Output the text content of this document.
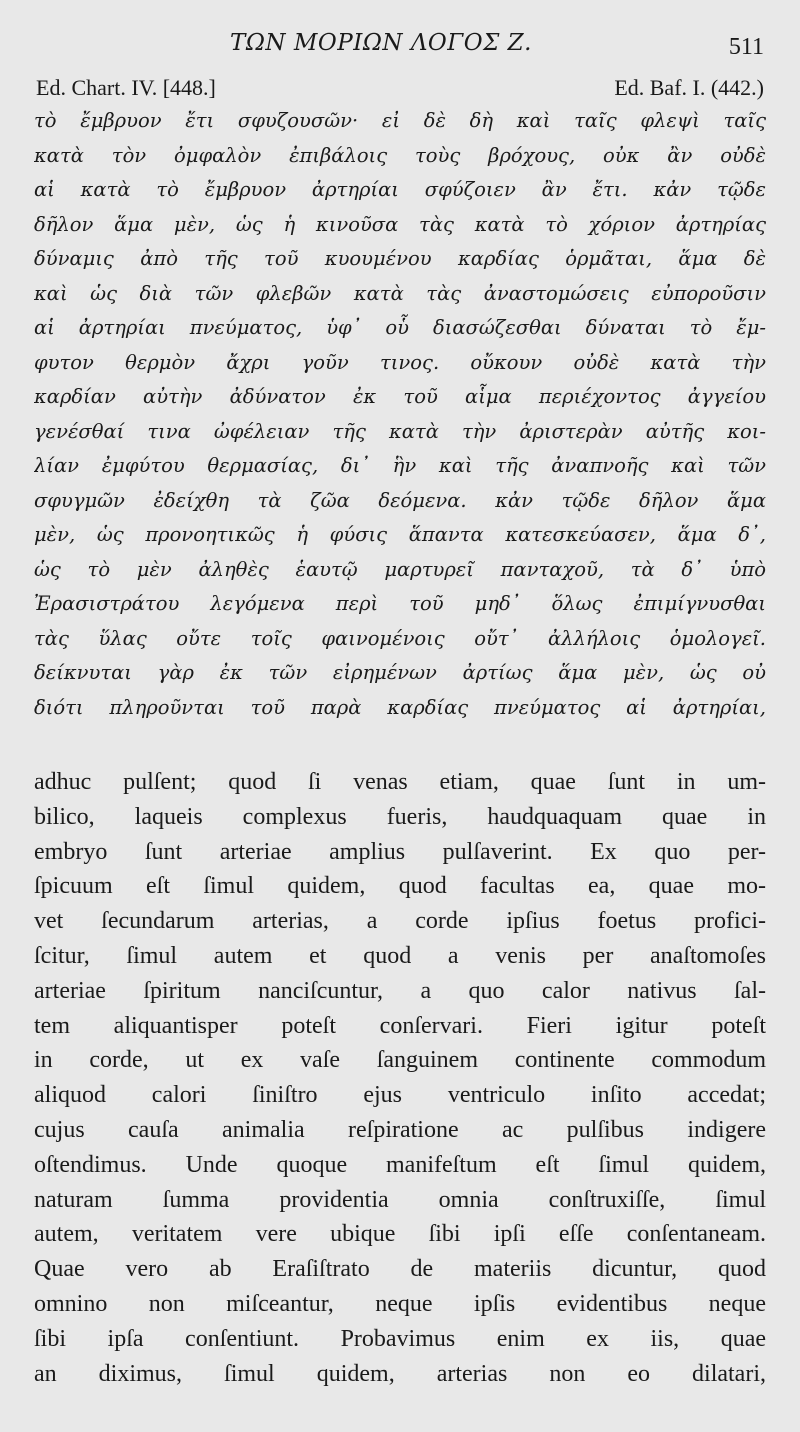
ΤΩΝ ΜΟΡΙΩΝ ΛΟΓΟΣ Ζ.	511
Ed. Chart. IV. [448.]	Ed. Baf. I. (442.)
τὸ ἔμβρυον ἔτι σφυζουσῶν· εἰ δὲ δὴ καὶ ταῖς φλεψὶ ταῖς
κατὰ τὸν ὀμφαλὸν ἐπιβάλοις τοὺς βρόχους, οὐκ ἂν οὐδὲ
αἱ κατὰ τὸ ἔμβρυον ἀρτηρίαι σφύζοιεν ἂν ἔτι. κἀν τῷδε
δῆλον ἅμα μὲν, ὡς ἡ κινοῦσα τὰς κατὰ τὸ χόριον ἀρτηρίας
δύναμις ἀπὸ τῆς τοῦ κυουμένου καρδίας ὁρμᾶται, ἅμα δὲ
καὶ ὡς διὰ τῶν φλεβῶν κατὰ τὰς ἀναστομώσεις εὐποροῦσιν
αἱ ἀρτηρίαι πνεύματος, ὑφ᾽ οὗ διασώζεσθαι δύναται τὸ ἔμ-
φυτον θερμὸν ἄχρι γοῦν τινος. οὔκουν οὐδὲ κατὰ τὴν
καρδίαν αὐτὴν ἀδύνατον ἐκ τοῦ αἷμα περιέχοντος ἀγγείου
γενέσθαί τινα ὠφέλειαν τῆς κατὰ τὴν ἀριστερὰν αὐτῆς κοι-
λίαν ἐμφύτου θερμασίας, δι᾽ ἣν καὶ τῆς ἀναπνοῆς καὶ τῶν
σφυγμῶν ἐδείχθη τὰ ζῶα δεόμενα. κἀν τῷδε δῆλον ἅμα
μὲν, ὡς προνοητικῶς ἡ φύσις ἅπαντα κατεσκεύασεν, ἅμα δ᾽,
ὡς τὸ μὲν ἀληθὲς ἑαυτῷ μαρτυρεῖ πανταχοῦ, τὰ δ᾽ ὑπὸ
Ἐρασιστράτου λεγόμενα περὶ τοῦ μηδ᾽ ὅλως ἐπιμίγνυσθαι
τὰς ὕλας οὔτε τοῖς φαινομένοις οὔτ᾽ ἀλλήλοις ὁμολογεῖ.
δείκνυται γὰρ ἐκ τῶν εἰρημένων ἀρτίως ἅμα μὲν, ὡς οὐ
διότι πληροῦνται τοῦ παρὰ καρδίας πνεύματος αἱ ἀρτηρίαι,
adhuc pulſent; quod ſi venas etiam, quae ſunt in um-
bilico, laqueis complexus fueris, haudquaquam quae in
embryo ſunt arteriae amplius pulſaverint. Ex quo per-
ſpicuum eſt ſimul quidem, quod facultas ea, quae mo-
vet ſecundarum arterias, a corde ipſius foetus profici-
ſcitur, ſimul autem et quod a venis per anaſtomoſes
arteriae ſpiritum nanciſcuntur, a quo calor nativus ſal-
tem aliquantisper poteſt conſervari. Fieri igitur poteſt
in corde, ut ex vaſe ſanguinem continente commodum
aliquod calori ſiniſtro ejus ventriculo inſito accedat;
cujus cauſa animalia reſpiratione ac pulſibus indigere
oſtendimus. Unde quoque manifeſtum eſt ſimul quidem,
naturam ſumma providentia omnia conſtruxiſſe, ſimul
autem, veritatem vere ubique ſibi ipſi eſſe conſentaneam.
Quae vero ab Eraſiſtrato de materiis dicuntur, quod
omnino non miſceantur, neque ipſis evidentibus neque
ſibi ipſa conſentiunt. Probavimus enim ex iis, quae
an diximus, ſimul quidem, arterias non eo dilatari,
